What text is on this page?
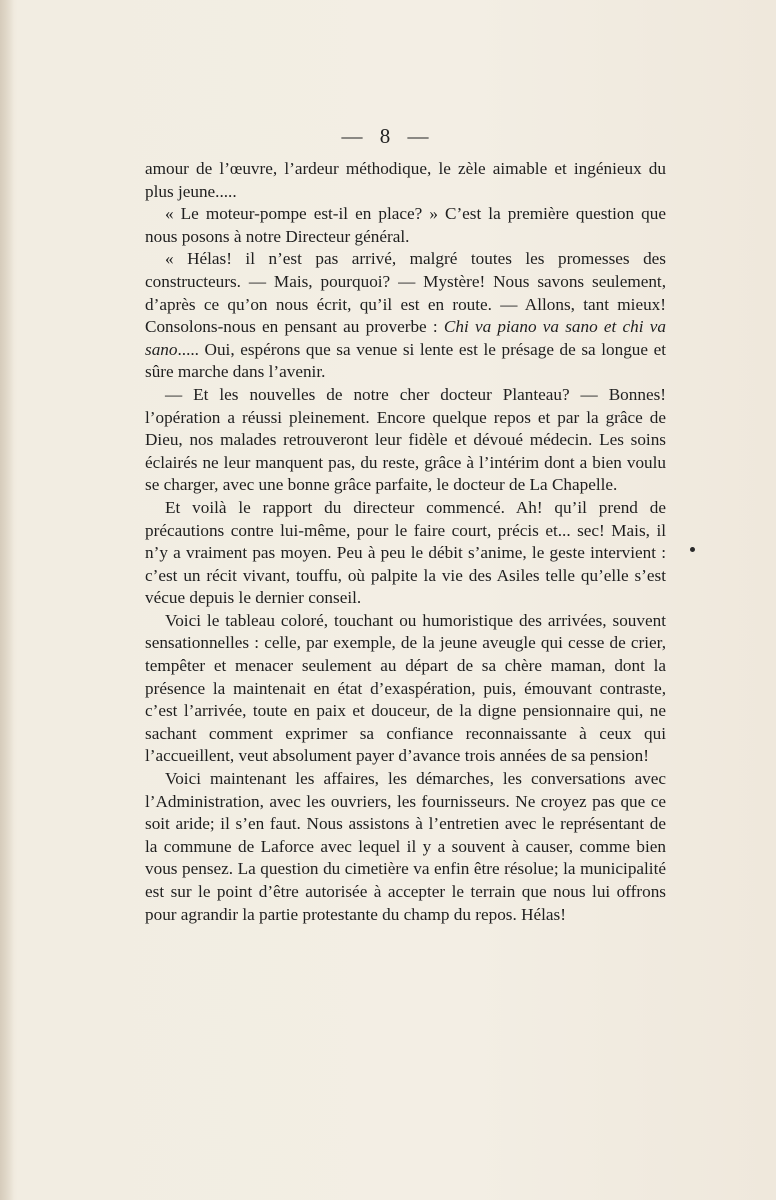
— 8 —

amour de l’œuvre, l’ardeur méthodique, le zèle aimable et ingénieux du plus jeune.....

« Le moteur-pompe est-il en place? » C’est la première question que nous posons à notre Directeur général.

« Hélas! il n’est pas arrivé, malgré toutes les promesses des constructeurs. — Mais, pourquoi? — Mystère! Nous savons seulement, d’après ce qu’on nous écrit, qu’il est en route. — Allons, tant mieux! Consolons-nous en pensant au proverbe : Chi va piano va sano et chi va sano..... Oui, espérons que sa venue si lente est le présage de sa longue et sûre marche dans l’avenir.

— Et les nouvelles de notre cher docteur Planteau? — Bonnes! l’opération a réussi pleinement. Encore quelque repos et par la grâce de Dieu, nos malades retrouveront leur fidèle et dévoué médecin. Les soins éclairés ne leur manquent pas, du reste, grâce à l’intérim dont a bien voulu se charger, avec une bonne grâce parfaite, le docteur de La Chapelle.

Et voilà le rapport du directeur commencé. Ah! qu’il prend de précautions contre lui-même, pour le faire court, précis et... sec! Mais, il n’y a vraiment pas moyen. Peu à peu le débit s’anime, le geste intervient : c’est un récit vivant, touffu, où palpite la vie des Asiles telle qu’elle s’est vécue depuis le dernier conseil.

Voici le tableau coloré, touchant ou humoristique des arrivées, souvent sensationnelles : celle, par exemple, de la jeune aveugle qui cesse de crier, tempêter et menacer seulement au départ de sa chère maman, dont la présence la maintenait en état d’exaspération, puis, émouvant contraste, c’est l’arrivée, toute en paix et douceur, de la digne pensionnaire qui, ne sachant comment exprimer sa confiance reconnaissante à ceux qui l’accueillent, veut absolument payer d’avance trois années de sa pension!

Voici maintenant les affaires, les démarches, les conversations avec l’Administration, avec les ouvriers, les fournisseurs. Ne croyez pas que ce soit aride; il s’en faut. Nous assistons à l’entretien avec le représentant de la commune de Laforce avec lequel il y a souvent à causer, comme bien vous pensez. La question du cimetière va enfin être résolue; la municipalité est sur le point d’être autorisée à accepter le terrain que nous lui offrons pour agrandir la partie protestante du champ du repos. Hélas!
